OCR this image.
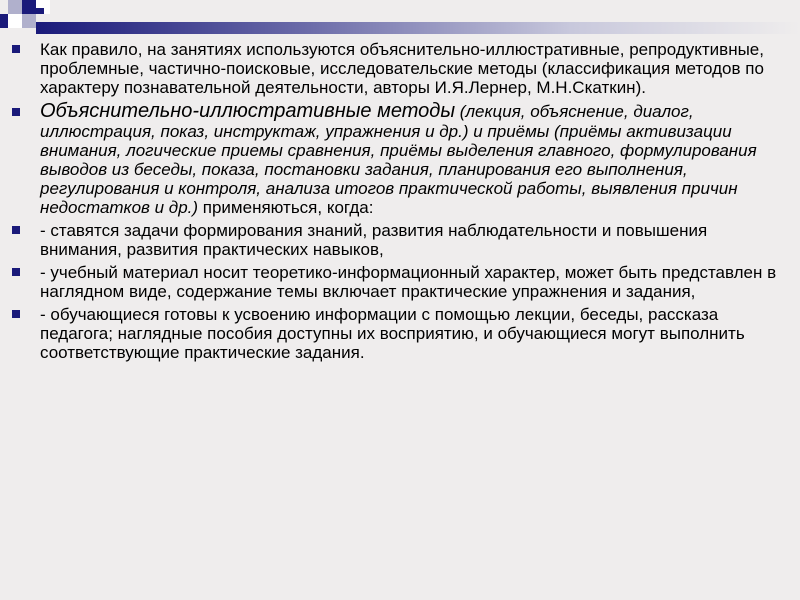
Как правило, на занятиях используются объяснительно-иллюстративные, репродуктивные, проблемные, частично-поисковые, исследовательские методы (классификация методов по характеру познавательной деятельности, авторы И.Я.Лернер, М.Н.Скаткин).
Объяснительно-иллюстративные методы (лекция, объяснение, диалог, иллюстрация, показ, инструктаж, упражнения и др.) и приёмы (приёмы активизации внимания, логические приемы сравнения, приёмы выделения главного, формулирования выводов из беседы, показа, постановки задания, планирования его выполнения, регулирования и контроля, анализа итогов практической работы, выявления причин недостатков и др.) применяються, когда:
- ставятся задачи формирования знаний, развития наблюдательности и повышения внимания, развития практических навыков,
- учебный материал носит теоретико-информационный характер, может быть представлен в наглядном виде, содержание темы включает практические упражнения и задания,
- обучающиеся готовы к усвоению информации с помощью лекции, беседы, рассказа педагога; наглядные пособия доступны их восприятию, и обучающиеся могут выполнить соответствующие практические задания.
